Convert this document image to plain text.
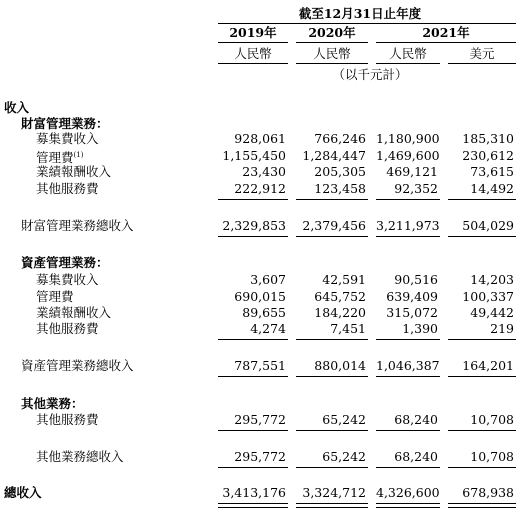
截至12月31日止年度
2019年	2020年	2021年
人民幣	人民幣	人民幣	美元
（以千元計）
收入
財富管理業務：
募集費收入	928,061	766,246 1,180,900	185,310
管理費$^{(1)}$	1,155,450	1,284,447 1,469,600	230,612
業績報酬收入	23,430	205,305	469,121	73,615
其他服務費	222,912	123,458	92,352	14,492
財富管理業務總收入	2,329,853	2,379,456 3,211,973	504,029
資產管理業務：
募集費收入	3,607	42,591	90,516	14,203
管理費	690,015	645,752	639,409	100,337
業績報酬收入	89,655	184,220	315,072	49,442
其他服務費	4,274	7,451	1,390	219
資產管理業務總收入	787,551	880,014 1,046,387	164,201
其他業務：
其他服務費	295,772	65,242	68,240	10,708
其他業務總收入	295,772	65,242	68,240	10,708
總收入	3,413,176	3,324,712 4,326,600	678,938
